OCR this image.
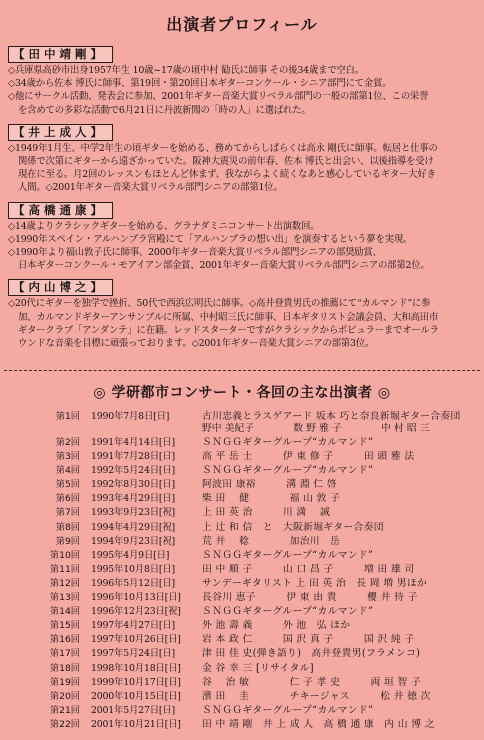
出演者プロフィール
【 田 中 靖 剛 】
◇兵庫県高砂市出身1957年生 10歳~17歳の頃中村 勧氏に師事 その後34歳まで空白。
◇34歳から佐本 博氏に師事、第19回・第20回日本ギターコンクール・シニア部門にて金賞。
◇他にサークル活動、発表会に参加、2001年ギター音楽大賞リベラル部門の一般の部第1位、この栄誉
を含めての多彩な活動で6月21日に丹波新聞の「時の人」に選ばれた。
【 井 上 成 人 】
◇1949年1月生、中学2年生の頃ギターを始める、務めてからしばらくは高永 剛氏に師事。転居と仕事の
関係で次第にギターから遠ざかっていた。阪神大震災の前年春、佐本 博氏と出会い、以後指導を受け
現在に至る。月2回のレッスンもほとんど休まず、我ながらよく続くなあと感心しているギター大好き
人間。◇2001年ギター音楽大賞リベラル部門シニアの部第1位。
【 高 橋 通 康 】
◇14歳よりクラシックギターを始める、グラナダミニコンサート出演数回。
◇1990年スペイン・アルハンブラ宮殿にて「アルハンブラの想い出」を演奏するという夢を実現。
◇1990年より福山敦子氏に師事、2000年ギター音楽大賞リベラル部門シニアの部奨励賞、
日本ギターコンクール・モアイアン部金賞、2001年ギター音楽大賞リベラル部門シニアの部第2位。
【 内 山 博 之 】
◇20代にギターを独学で挫折、50代で西浜広明氏に師事。◇高井登貴男氏の推薦にて“カルマンド”に参
加、カルマンドギターアンサンブルに所属、中村昭三氏に師事、日本ギタリスト会議会員、大和高田市
ギタークラブ「アンダンテ」に在籍。レッドスターターですがクラシックからポピュラーまでオールラ
ウンドな音楽を目標に頑張っております。◇2001年ギター音楽大賞シニアの部第3位。
◎ 学研都市コンサート・各回の主な出演者 ◎
第1回 1990年7月8日[日]	古川忠義とラスゲアード 坂本 巧と奈良新堀ギター合奏団
野中 美紀子　　　　数 野 雅 子　　　　中 村 昭 三
第2回 1991年4月14日[日]	ＳＮＧＧギターグループ“カルマンド”
第3回 1991年7月28日[日]	高 平 岳 士　　　伊 東 修 子　　　田 頭 雅 法
第4回 1992年5月24日[日]	ＳＮＧＧギターグループ“カルマンド”
第5回 1992年8月30日[日]	阿波田 康裕　　　溝 淵 仁 啓
第6回 1993年4月29日[日]	柴 田　 健　　　　福 山 敦 子
第7回 1993年9月23日[祝]	上 田 英 治　　　川 満　 誠
第8回 1994年4月29日[祝]	上 辻 和 信　と　大阪新堀ギター合奏団
第9回 1994年9月23日[祝]	荒 井　 稔　　　　加治川　岳
第10回 1995年4月9日[日]	ＳＮＧＧギターグループ“カルマンド”
第11回 1995年10月8日[日]	田 中 順 子　　　山 口 昌 子　　　増 田 雄 司
第12回 1996年5月12日[日]	サンデーギタリスト 上 田 英 治　長 岡 増 男ほか
第13回 1996年10月13日[日]	長谷川 恵子　　　伊 東 由 貴　　　櫻 井 待 子
第14回 1996年12月23日[祝]	ＳＮＧＧギターグループ“カルマンド”
第15回 1997年4月27日[日]	外 池 壽 義　　　外 池　弘 ほか
第16回 1997年10月26日[日]	岩 本 政 仁　　　国 沢 真 子　　　国 沢 純 子
第17回 1997年5月24日[日]	津 田 佳 史(弾き語り)　高井登貴男(フラメンコ)
第18回 1998年10月18日[日]	金 谷 幸 三 [リサイタル]
第19回 1999年10月17日[日]	谷　 治 敏　　　　仁 子 孝 史　　　両 垣 智 子
第20回 2000年10月15日[日]	濱 田　 圭　　　　チキージャス　　　松 井 徳 次
第21回 2001年5月27日[日]	ＳＮＧＧギターグループ“カルマンド”
第22回 2001年10月21日[日]	田 中 靖 剛　井 上 成 人　高 橋 通 康　内 山 博 之
